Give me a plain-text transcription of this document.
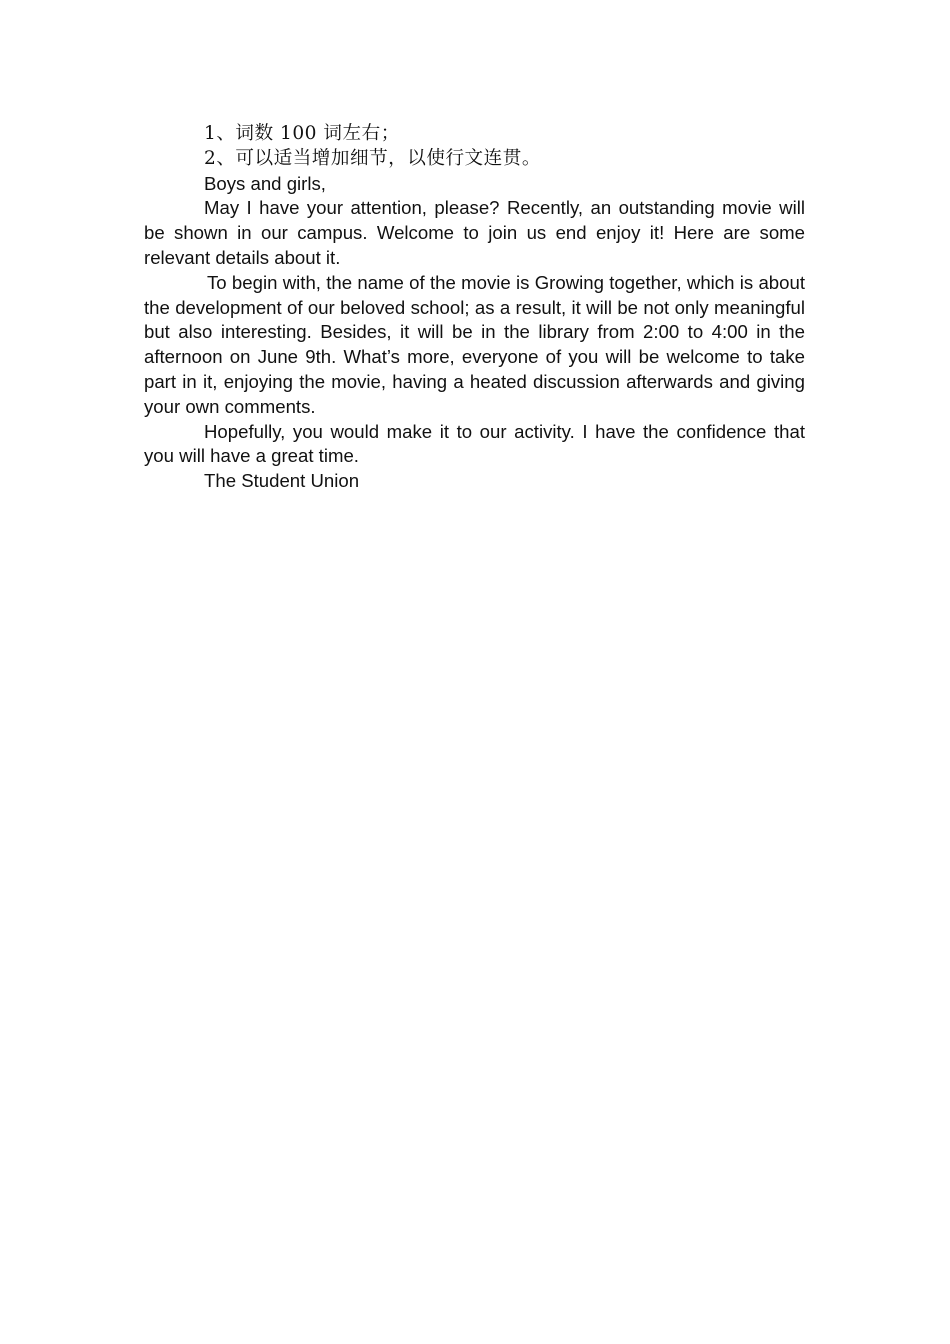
1、词数 100 词左右；

2、可以适当增加细节，以使行文连贯。

Boys and girls,

May I have your attention, please? Recently, an outstanding movie will be shown in our campus. Welcome to join us end enjoy it! Here are some relevant details about it.

To begin with, the name of the movie is Growing together, which is about the development of our beloved school; as a result, it will be not only meaningful but also interesting. Besides, it will be in the library from 2:00 to 4:00 in the afternoon on June 9th. What’s more, everyone of you will be welcome to take part in it, enjoying the movie, having a heated discussion afterwards and giving your own comments.

Hopefully, you would make it to our activity. I have the confidence that you will have a great time.

The Student Union
